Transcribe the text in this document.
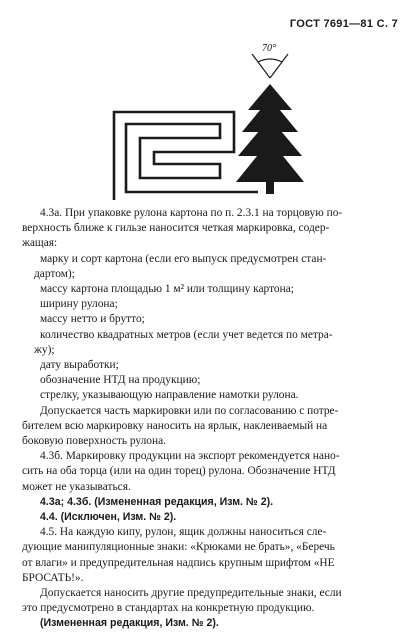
ГОСТ 7691—81 С. 7
70°

4.3а. При упаковке рулона картона по п. 2.3.1 на торцовую по-

верхность ближе к гильзе наносится четкая маркировка, содер-

жащая:

марку и сорт картона (если его выпуск предусмотрен стан-

дартом);

массу картона площадью 1 м² или толщину картона;

ширину рулона;

массу нетто и брутто;

количество квадратных метров (если учет ведется по метра-

жу);

дату выработки;

обозначение НТД на продукцию;

стрелку, указывающую направление намотки рулона.

Допускается часть маркировки или по согласованию с потре-

бителем всю маркировку наносить на ярлык, наклеиваемый на

боковую поверхность рулона.

4.3б. Маркировку продукции на экспорт рекомендуется нано-

сить на оба торца (или на один торец) рулона. Обозначение НТД

может не указываться.

4.3а; 4.3б. (Измененная редакция, Изм. № 2).

4.4. (Исключен, Изм. № 2).

4.5. На каждую кипу, рулон, ящик должны наноситься сле-

дующие манипуляционные знаки: «Крюками не брать», «Беречь

от влаги» и предупредительная надпись крупным шрифтом «НЕ

БРОСАТЬ!».

Допускается наносить другие предупредительные знаки, если

это предусмотрено в стандартах на конкретную продукцию.

(Измененная редакция, Изм. № 2).
